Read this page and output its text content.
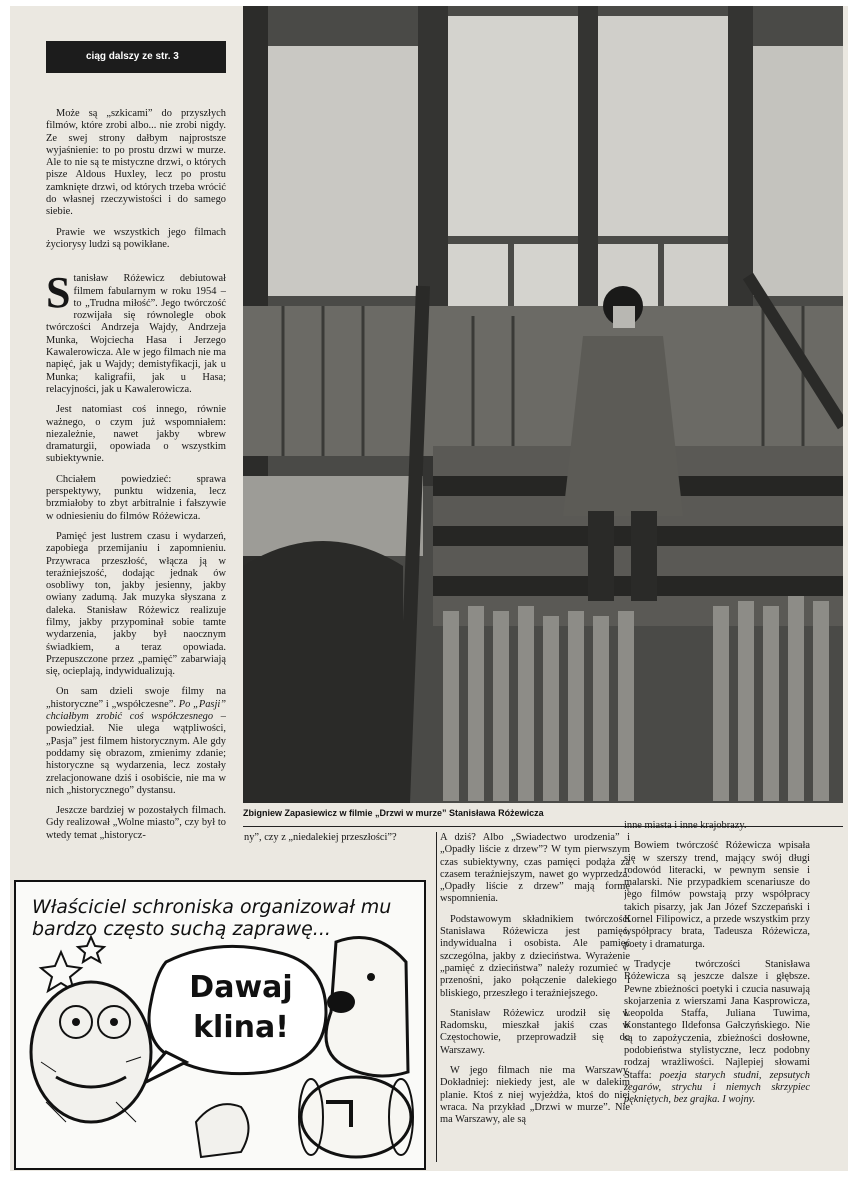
ciąg dalszy ze str. 3

Może są „szkicami” do przyszłych filmów, które zrobi albo... nie zrobi nigdy. Ze swej strony dałbym najprostsze wyjaśnienie: to po prostu drzwi w murze. Ale to nie są te mistyczne drzwi, o których pisze Aldous Huxley, lecz po prostu zamknięte drzwi, od których trzeba wrócić do własnej rzeczywistości i do samego siebie.

Prawie we wszystkich jego filmach życiorysy ludzi są powikłane.

Stanisław Różewicz debiutował filmem fabularnym w roku 1954 – to „Trudna miłość”. Jego twórczość rozwijała się równolegle obok twórczości Andrzeja Wajdy, Andrzeja Munka, Wojciecha Hasa i Jerzego Kawalerowicza. Ale w jego filmach nie ma napięć, jak u Wajdy; demistyfikacji, jak u Munka; kaligrafii, jak u Hasa; relacyjności, jak u Kawalerowicza.

Jest natomiast coś innego, równie ważnego, o czym już wspomniałem: niezależnie, nawet jakby wbrew dramaturgii, opowiada o wszystkim subiektywnie.

Chciałem powiedzieć: sprawa perspektywy, punktu widzenia, lecz brzmiałoby to zbyt arbitralnie i fałszywie w odniesieniu do filmów Różewicza.

Pamięć jest lustrem czasu i wydarzeń, zapobiega przemijaniu i zapomnieniu. Przywraca przeszłość, włącza ją w teraźniejszość, dodając jednak ów osobliwy ton, jakby jesienny, jakby owiany zadumą. Jak muzyka słyszana z daleka. Stanisław Różewicz realizuje filmy, jakby przypominał sobie tamte wydarzenia, jakby był naocznym świadkiem, a teraz opowiada. Przepuszczone przez „pamięć” zabarwiają się, ocieplają, indywidualizują.

On sam dzieli swoje filmy na „historyczne” i „współczesne”. Po „Pasji” chciałbym zrobić coś współczesnego – powiedział. Nie ulega wątpliwości, „Pasja” jest filmem historycznym. Ale gdy poddamy się obrazom, zmienimy zdanie; historyczne są wydarzenia, lecz zostały zrelacjonowane dziś i osobiście, nie ma w nich „historycznego” dystansu.

Jeszcze bardziej w pozostałych filmach. Gdy realizował „Wolne miasto”, czy był to wtedy temat „historycz-

Zbigniew Zapasiewicz w filmie „Drzwi w murze” Stanisława Różewicza

ny”, czy z „niedalekiej przeszłości”?	A dziś? Albo „Świadectwo urodzenia” i „Opadły liście z drzew”? W tym pierwszym czas subiektywny, czas pamięci podąża za czasem teraźniejszym, nawet go wyprzedza. „Opadły liście z drzew” mają formę wspomnienia.

Podstawowym składnikiem twórczości Stanisława Różewicza jest pamięć, indywidualna i osobista. Ale pamięć szczególna, jakby z dzieciństwa. Wyrażenie „pamięć z dzieciństwa” należy rozumieć w przenośni, jako połączenie dalekiego i bliskiego, przeszłego i teraźniejszego.

Stanisław Różewicz urodził się w Radomsku, mieszkał jakiś czas w Częstochowie, przeprowadził się do Warszawy.

W jego filmach nie ma Warszawy. Dokładniej: niekiedy jest, ale w dalekim planie. Ktoś z niej wyjeżdża, ktoś do niej wraca. Na przykład „Drzwi w murze”. Nie ma Warszawy, ale są

inne miasta i inne krajobrazy.

Bowiem twórczość Różewicza wpisała się w szerszy trend, mający swój długi rodowód literacki, w pewnym sensie i malarski. Nie przypadkiem scenariusze do jego filmów powstają przy współpracy takich pisarzy, jak Jan Józef Szczepański i Kornel Filipowicz, a przede wszystkim przy współpracy brata, Tadeusza Różewicza, poety i dramaturga.

Tradycje twórczości Stanisława Różewicza są jeszcze dalsze i głębsze. Pewne zbieżności poetyki i czucia nasuwają skojarzenia z wierszami Jana Kasprowicza, Leopolda Staffa, Juliana Tuwima, Konstantego Ildefonsa Gałczyńskiego. Nie są to zapożyczenia, zbieżności dosłowne, podobieństwa stylistyczne, lecz podobny rodzaj wrażliwości. Najlepiej słowami Staffa: poezja starych studni, zepsutych zegarów, strychu i niemych skrzypiec pękniętych, bez grajka. I wojny.

Właściciel schroniska organizował mu bardzo często suchą zaprawę...
Dawaj
klina!
